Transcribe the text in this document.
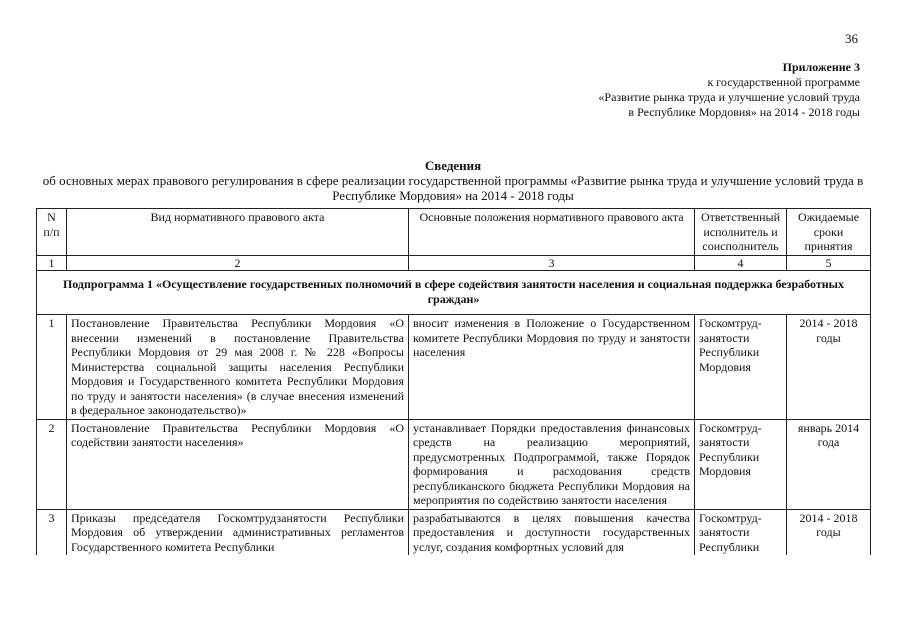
36
Приложение 3
к государственной программе
«Развитие рынка труда и улучшение условий труда
в Республике Мордовия» на 2014 - 2018 годы
Сведения
об основных мерах правового регулирования в сфере реализации государственной программы «Развитие рынка труда и улучшение условий труда в Республике Мордовия» на 2014 - 2018 годы
N п/п	Вид нормативного правового акта	Основные положения нормативного правового акта	Ответственный исполнитель и соисполнитель	Ожидаемые сроки принятия
1	2	3	4	5
Подпрограмма 1 «Осуществление государственных полномочий в сфере содействия занятости населения и социальная поддержка безработных граждан»				
1	Постановление Правительства Республики Мордовия «О внесении изменений в постановление Правительства Республики Мордовия от 29 мая 2008 г. № 228 «Вопросы Министерства социальной защиты населения Республики Мордовия и Государственного комитета Республики Мордовия по труду и занятости населения» (в случае внесения изменений в федеральное законодательство)»	вносит изменения в Положение о Государственном комитете Республики Мордовия по труду и занятости населения	Госкомтруд-занятости Республики Мордовия	2014 - 2018 годы
2	Постановление Правительства Республики Мордовия «О содействии занятости населения»	устанавливает Порядки предоставления финансовых средств на реализацию мероприятий, предусмотренных Подпрограммой, также Порядок формирования и расходования средств республиканского бюджета Республики Мордовия на мероприятия по содействию занятости населения	Госкомтруд-занятости Республики Мордовия	январь 2014 года
3	Приказы председателя Госкомтрудзанятости Республики Мордовия об утверждении административных регламентов Государственного комитета Республики	разрабатываются в целях повышения качества предоставления и доступности государственных услуг, создания комфортных условий для	Госкомтруд-занятости Республики	2014 - 2018 годы
